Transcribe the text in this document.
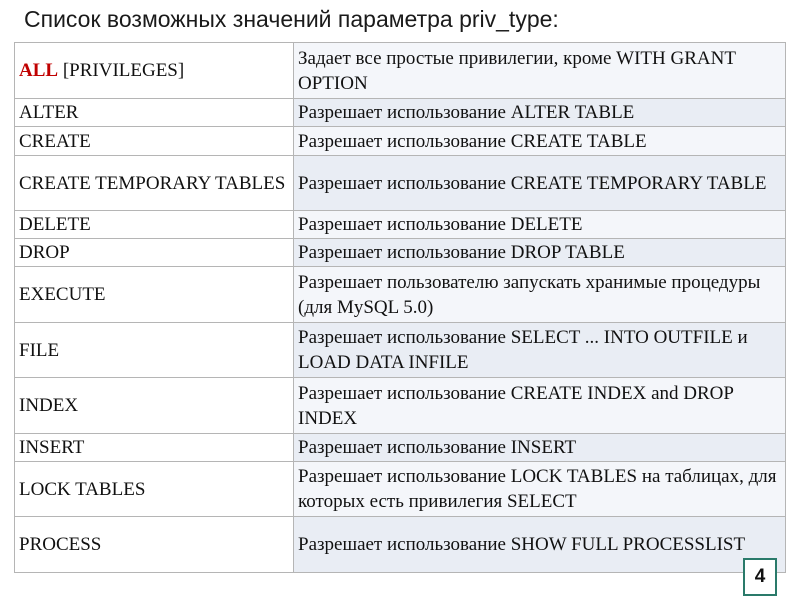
Список возможных значений параметра priv_type:
ALL [PRIVILEGES]	Задает все простые привилегии, кроме WITH GRANT OPTION
ALTER	Разрешает использование ALTER TABLE
CREATE	Разрешает использование CREATE TABLE
CREATE TEMPORARY TABLES	Разрешает использование CREATE TEMPORARY TABLE
DELETE	Разрешает использование DELETE
DROP	Разрешает использование DROP TABLE
EXECUTE	Разрешает пользователю запускать хранимые процедуры (для MySQL 5.0)
FILE	Разрешает использование SELECT ... INTO OUTFILE и LOAD DATA INFILE
INDEX	Разрешает использование CREATE INDEX and DROP INDEX
INSERT	Разрешает использование INSERT
LOCK TABLES	Разрешает использование LOCK TABLES на таблицах, для которых есть привилегия SELECT
PROCESS	Разрешает использование SHOW FULL PROCESSLIST
4
